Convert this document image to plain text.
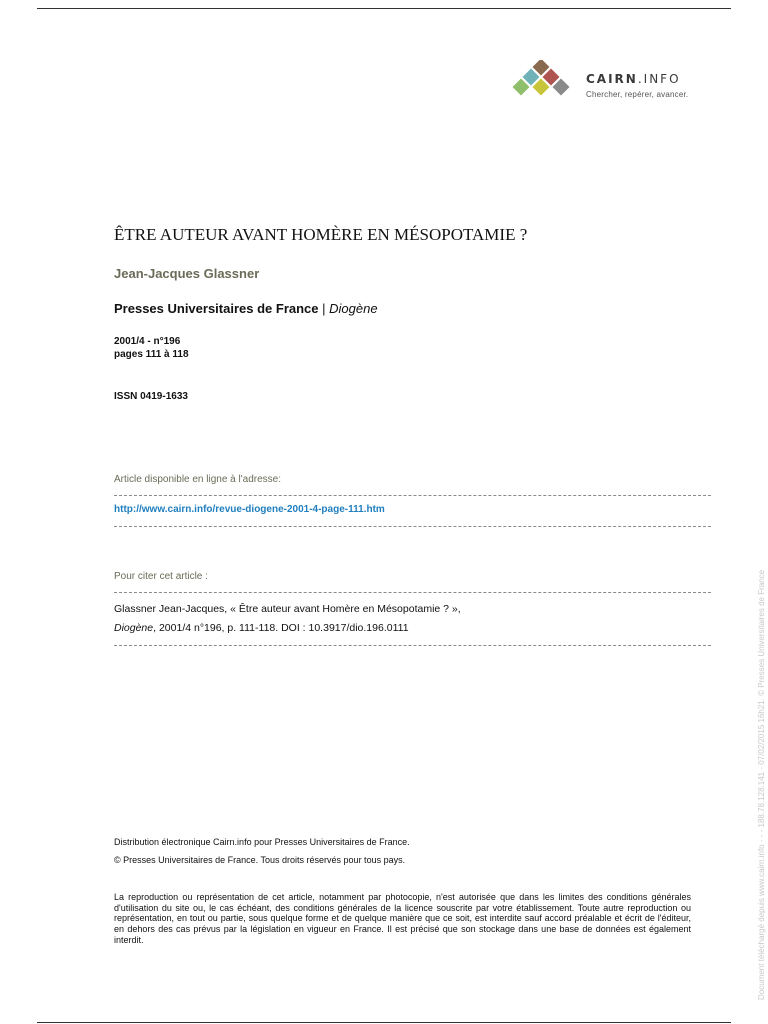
CAIRN.INFO
Chercher, repérer, avancer.
ÊTRE AUTEUR AVANT HOMÈRE EN MÉSOPOTAMIE ?
Jean-Jacques Glassner
Presses Universitaires de France | Diogène
2001/4 - n°196
pages 111 à 118
ISSN 0419-1633
Article disponible en ligne à l'adresse:
http://www.cairn.info/revue-diogene-2001-4-page-111.htm
Pour citer cet article :
Glassner Jean-Jacques, « Être auteur avant Homère en Mésopotamie ? »,
Diogène, 2001/4 n°196, p. 111-118. DOI : 10.3917/dio.196.0111
Distribution électronique Cairn.info pour Presses Universitaires de France.
© Presses Universitaires de France. Tous droits réservés pour tous pays.
La reproduction ou représentation de cet article, notamment par photocopie, n'est autorisée que dans les limites des conditions générales d'utilisation du site ou, le cas échéant, des conditions générales de la licence souscrite par votre établissement. Toute autre reproduction ou représentation, en tout ou partie, sous quelque forme et de quelque manière que ce soit, est interdite sauf accord préalable et écrit de l'éditeur, en dehors des cas prévus par la législation en vigueur en France. Il est précisé que son stockage dans une base de données est également interdit.	Document téléchargé depuis www.cairn.info - - - 188.78.128.141 - 07/02/2015 16h21. © Presses Universitaires de France
